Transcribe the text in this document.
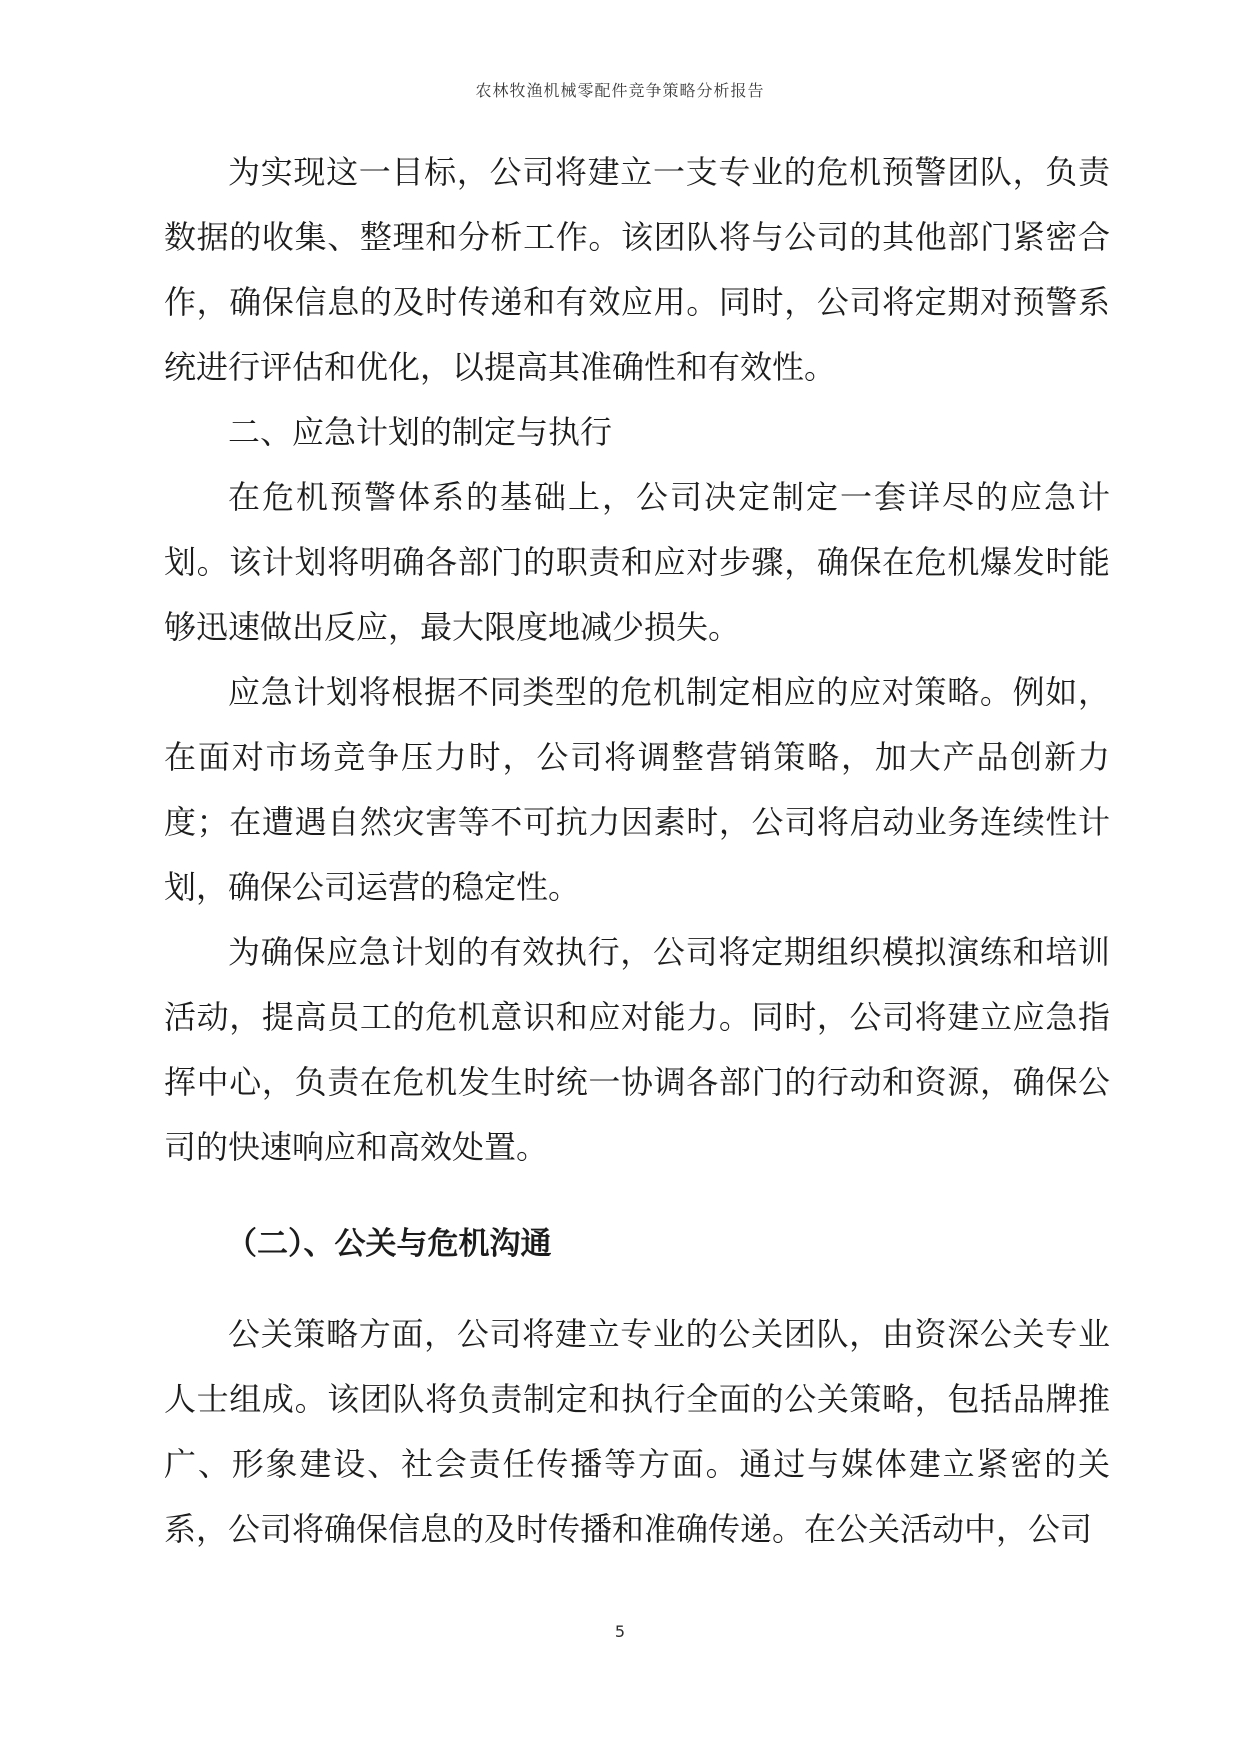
农林牧渔机械零配件竞争策略分析报告

为实现这一目标，公司将建立一支专业的危机预警团队，负责数据的收集、整理和分析工作。该团队将与公司的其他部门紧密合作，确保信息的及时传递和有效应用。同时，公司将定期对预警系统进行评估和优化，以提高其准确性和有效性。

二、应急计划的制定与执行

在危机预警体系的基础上，公司决定制定一套详尽的应急计划。该计划将明确各部门的职责和应对步骤，确保在危机爆发时能够迅速做出反应，最大限度地减少损失。

应急计划将根据不同类型的危机制定相应的应对策略。例如，在面对市场竞争压力时，公司将调整营销策略，加大产品创新力度；在遭遇自然灾害等不可抗力因素时，公司将启动业务连续性计划，确保公司运营的稳定性。

为确保应急计划的有效执行，公司将定期组织模拟演练和培训活动，提高员工的危机意识和应对能力。同时，公司将建立应急指挥中心，负责在危机发生时统一协调各部门的行动和资源，确保公司的快速响应和高效处置。

（二）、公关与危机沟通

公关策略方面，公司将建立专业的公关团队，由资深公关专业人士组成。该团队将负责制定和执行全面的公关策略，包括品牌推广、形象建设、社会责任传播等方面。通过与媒体建立紧密的关系，公司将确保信息的及时传播和准确传递。在公关活动中，公司

5
